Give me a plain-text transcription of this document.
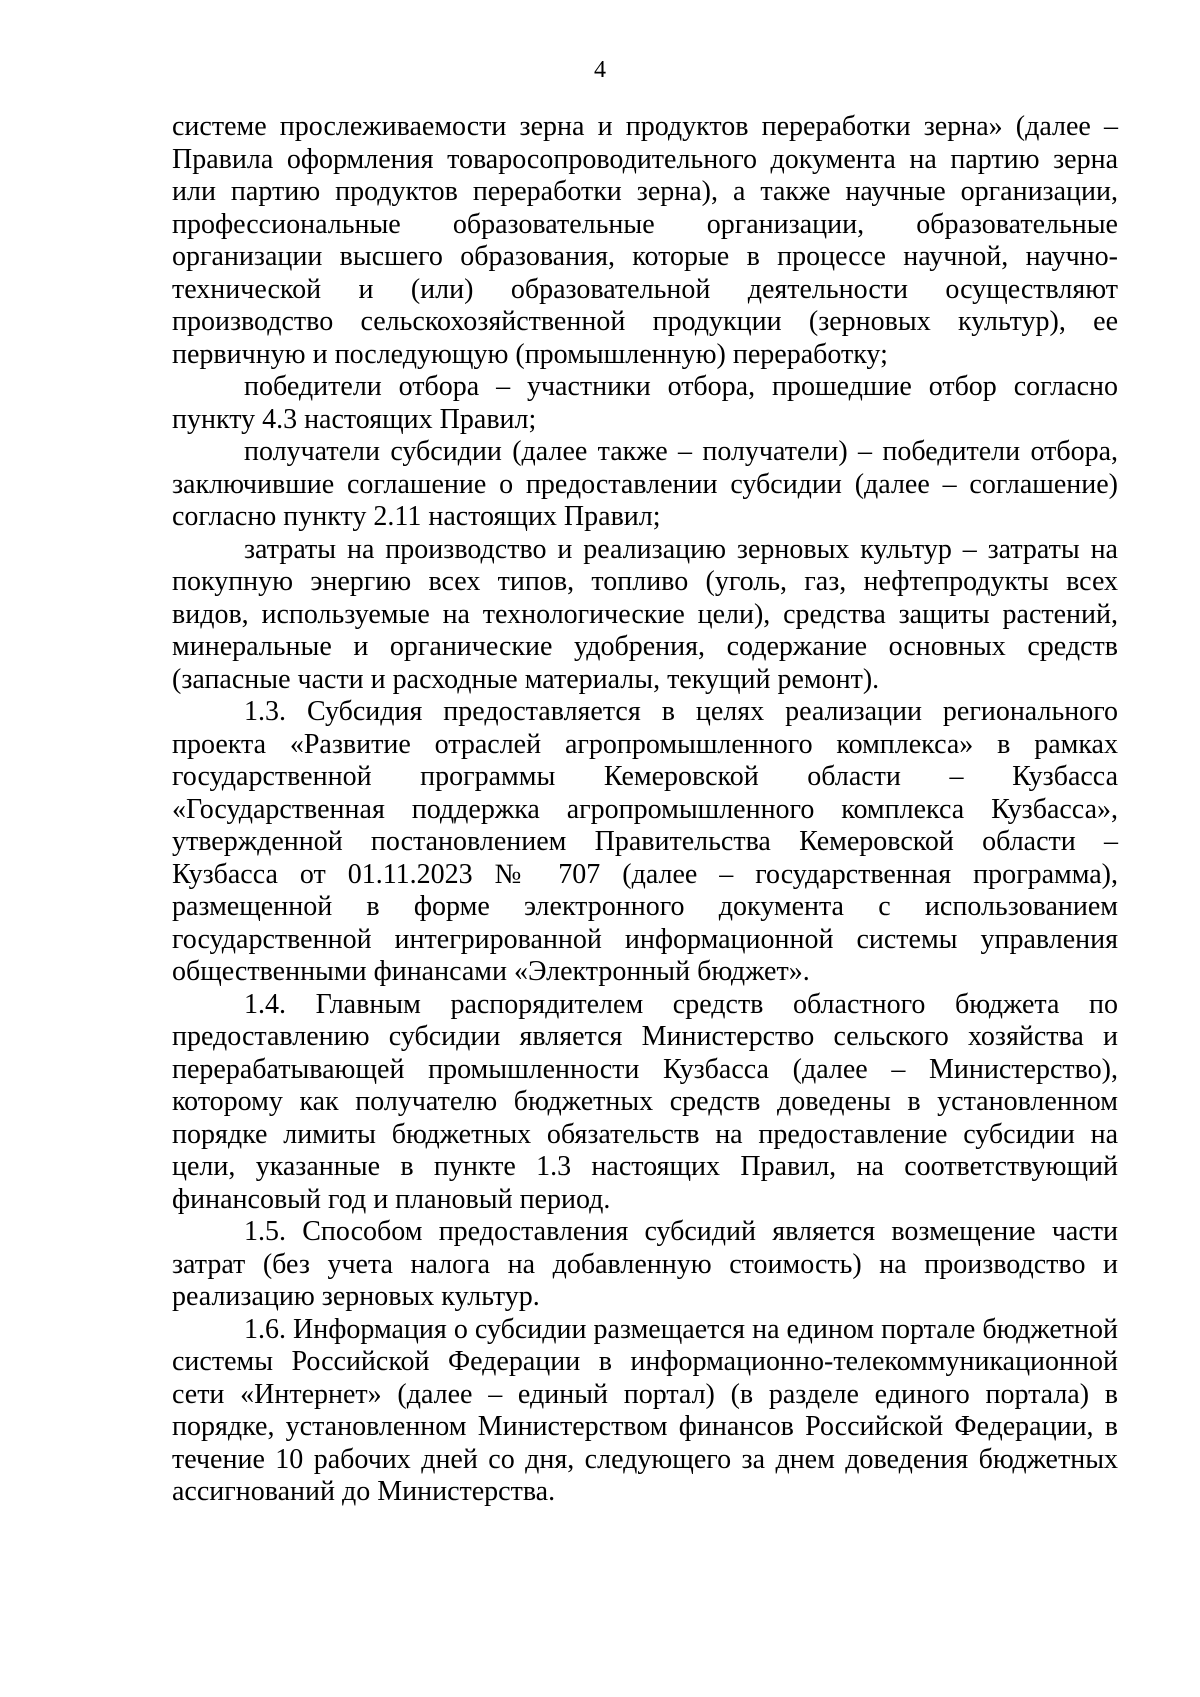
4

системе прослеживаемости зерна и продуктов переработки зерна» (далее – Правила оформления товаросопроводительного документа на партию зерна или партию продуктов переработки зерна), а также научные организации, профессиональные образовательные организации, образовательные организации высшего образования, которые в процессе научной, научно-технической и (или) образовательной деятельности осуществляют производство сельскохозяйственной продукции (зерновых культур), ее первичную и последующую (промышленную) переработку;

победители отбора – участники отбора, прошедшие отбор согласно пункту 4.3 настоящих Правил;

получатели субсидии (далее также – получатели) – победители отбора, заключившие соглашение о предоставлении субсидии (далее – соглашение) согласно пункту 2.11 настоящих Правил;

затраты на производство и реализацию зерновых культур – затраты на покупную энергию всех типов, топливо (уголь, газ, нефтепродукты всех видов, используемые на технологические цели), средства защиты растений, минеральные и органические удобрения, содержание основных средств (запасные части и расходные материалы, текущий ремонт).

1.3. Субсидия предоставляется в целях реализации регионального проекта «Развитие отраслей агропромышленного комплекса» в рамках государственной программы Кемеровской области – Кузбасса «Государственная поддержка агропромышленного комплекса Кузбасса», утвержденной постановлением Правительства Кемеровской области – Кузбасса от 01.11.2023 № 707 (далее – государственная программа), размещенной в форме электронного документа с использованием государственной интегрированной информационной системы управления общественными финансами «Электронный бюджет».

1.4. Главным распорядителем средств областного бюджета по предоставлению субсидии является Министерство сельского хозяйства и перерабатывающей промышленности Кузбасса (далее – Министерство), которому как получателю бюджетных средств доведены в установленном порядке лимиты бюджетных обязательств на предоставление субсидии на цели, указанные в пункте 1.3 настоящих Правил, на соответствующий финансовый год и плановый период.

1.5. Способом предоставления субсидий является возмещение части затрат (без учета налога на добавленную стоимость) на производство и реализацию зерновых культур.

1.6. Информация о субсидии размещается на едином портале бюджетной системы Российской Федерации в информационно-телекоммуникационной сети «Интернет» (далее – единый портал) (в разделе единого портала) в порядке, установленном Министерством финансов Российской Федерации, в течение 10 рабочих дней со дня, следующего за днем доведения бюджетных ассигнований до Министерства.
